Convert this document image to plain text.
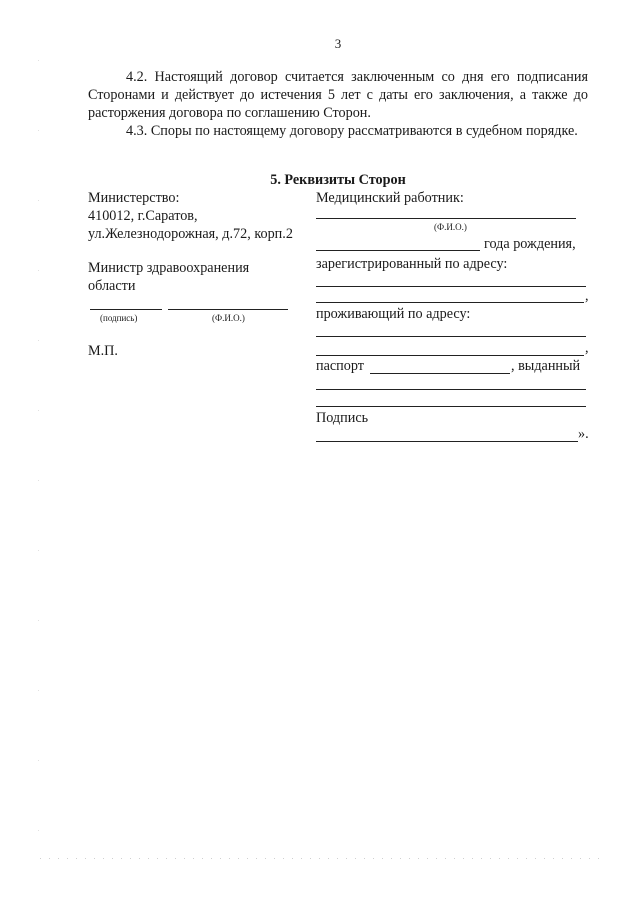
3
4.2. Настоящий договор считается заключенным со дня его подписания Сторонами и действует до истечения 5 лет с даты его заключения, а также до расторжения договора по соглашению Сторон.
4.3. Споры по настоящему договору рассматриваются в судебном порядке.
5. Реквизиты Сторон
Министерство:
410012, г.Саратов,
ул.Железнодорожная, д.72, корп.2
Министр здравоохранения
области
(подпись)	(Ф.И.О.)
М.П.
Медицинский работник:
(Ф.И.О.)
года рождения,
зарегистрированный по адресу:
,
проживающий по адресу:
,
паспорт	, выданный
Подпись
».
